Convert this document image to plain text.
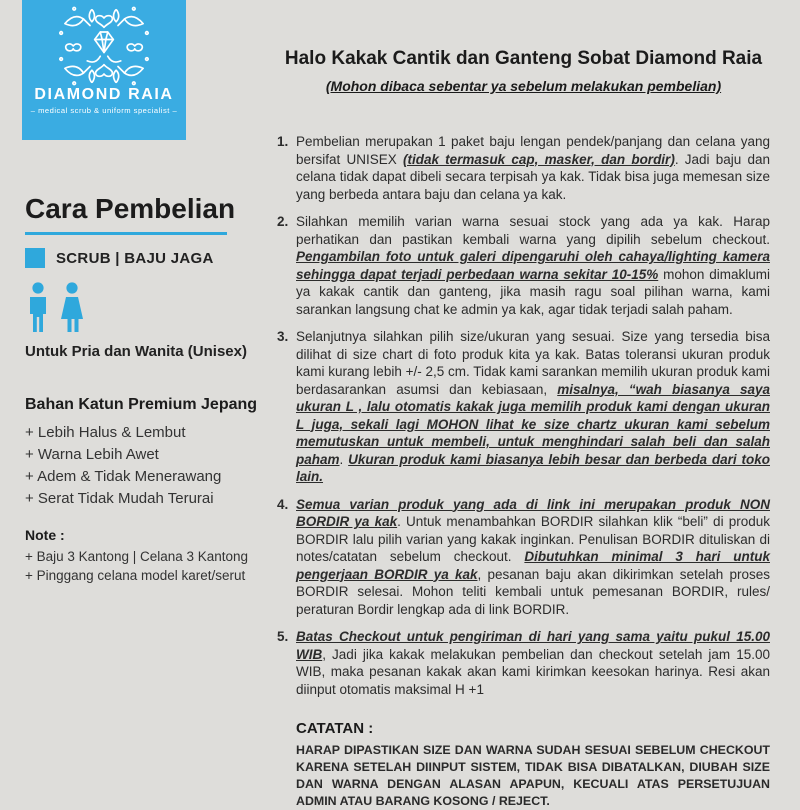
DIAMOND RAIA
– medical scrub & uniform specialist –
Cara Pembelian
SCRUB | BAJU JAGA
Untuk Pria dan Wanita (Unisex)
Bahan Katun Premium Jepang
+ Lebih Halus & Lembut
+ Warna Lebih Awet
+ Adem & Tidak Menerawang
+ Serat Tidak Mudah Terurai
Note :
+ Baju 3 Kantong | Celana 3 Kantong
+ Pinggang celana model karet/serut
Halo Kakak Cantik dan Ganteng Sobat Diamond Raia
(Mohon dibaca sebentar ya sebelum melakukan pembelian)
1. Pembelian merupakan 1 paket baju lengan pendek/panjang dan celana yang bersifat UNISEX (tidak termasuk cap, masker, dan bordir). Jadi baju dan celana tidak dapat dibeli secara terpisah ya kak. Tidak bisa juga memesan size yang berbeda antara baju dan celana ya kak.
2. Silahkan memilih varian warna sesuai stock yang ada ya kak. Harap perhatikan dan pastikan kembali warna yang dipilih sebelum checkout. Pengambilan foto untuk galeri dipengaruhi oleh cahaya/lighting kamera sehingga dapat terjadi perbedaan warna sekitar 10-15% mohon dimaklumi ya kakak cantik dan ganteng, jika masih ragu soal pilihan warna, kami sarankan langsung chat ke admin ya kak, agar tidak terjadi salah paham.
3. Selanjutnya silahkan pilih size/ukuran yang sesuai. Size yang tersedia bisa dilihat di size chart di foto produk kita ya kak. Batas toleransi ukuran produk kami kurang lebih +/- 2,5 cm. Tidak kami sarankan memilih ukuran produk kami berdasarankan asumsi dan kebiasaan, misalnya, “wah biasanya saya ukuran L , lalu otomatis kakak juga memilih produk kami dengan ukuran L juga, sekali lagi MOHON lihat ke size chartz ukuran kami sebelum memutuskan untuk membeli, untuk menghindari salah beli dan salah paham. Ukuran produk kami biasanya lebih besar dan berbeda dari toko lain.
4. Semua varian produk yang ada di link ini merupakan produk NON BORDIR ya kak. Untuk menambahkan BORDIR silahkan klik “beli” di produk BORDIR lalu pilih varian yang kakak inginkan. Penulisan BORDIR dituliskan di notes/catatan sebelum checkout. Dibutuhkan minimal 3 hari untuk pengerjaan BORDIR ya kak, pesanan baju akan dikirimkan setelah proses BORDIR selesai. Mohon teliti kembali untuk pemesanan BORDIR, rules/ peraturan Bordir lengkap ada di link BORDIR.
5. Batas Checkout untuk pengiriman di hari yang sama yaitu pukul 15.00 WIB, Jadi jika kakak melakukan pembelian dan checkout setelah jam 15.00 WIB, maka pesanan kakak akan kami kirimkan keesokan harinya. Resi akan diinput otomatis maksimal H +1
CATATAN :
HARAP DIPASTIKAN SIZE DAN WARNA SUDAH SESUAI SEBELUM CHECKOUT KARENA SETELAH DIINPUT SISTEM, TIDAK BISA DIBATALKAN, DIUBAH SIZE DAN WARNA DENGAN ALASAN APAPUN, KECUALI ATAS PERSETUJUAN ADMIN ATAU BARANG KOSONG / REJECT.
